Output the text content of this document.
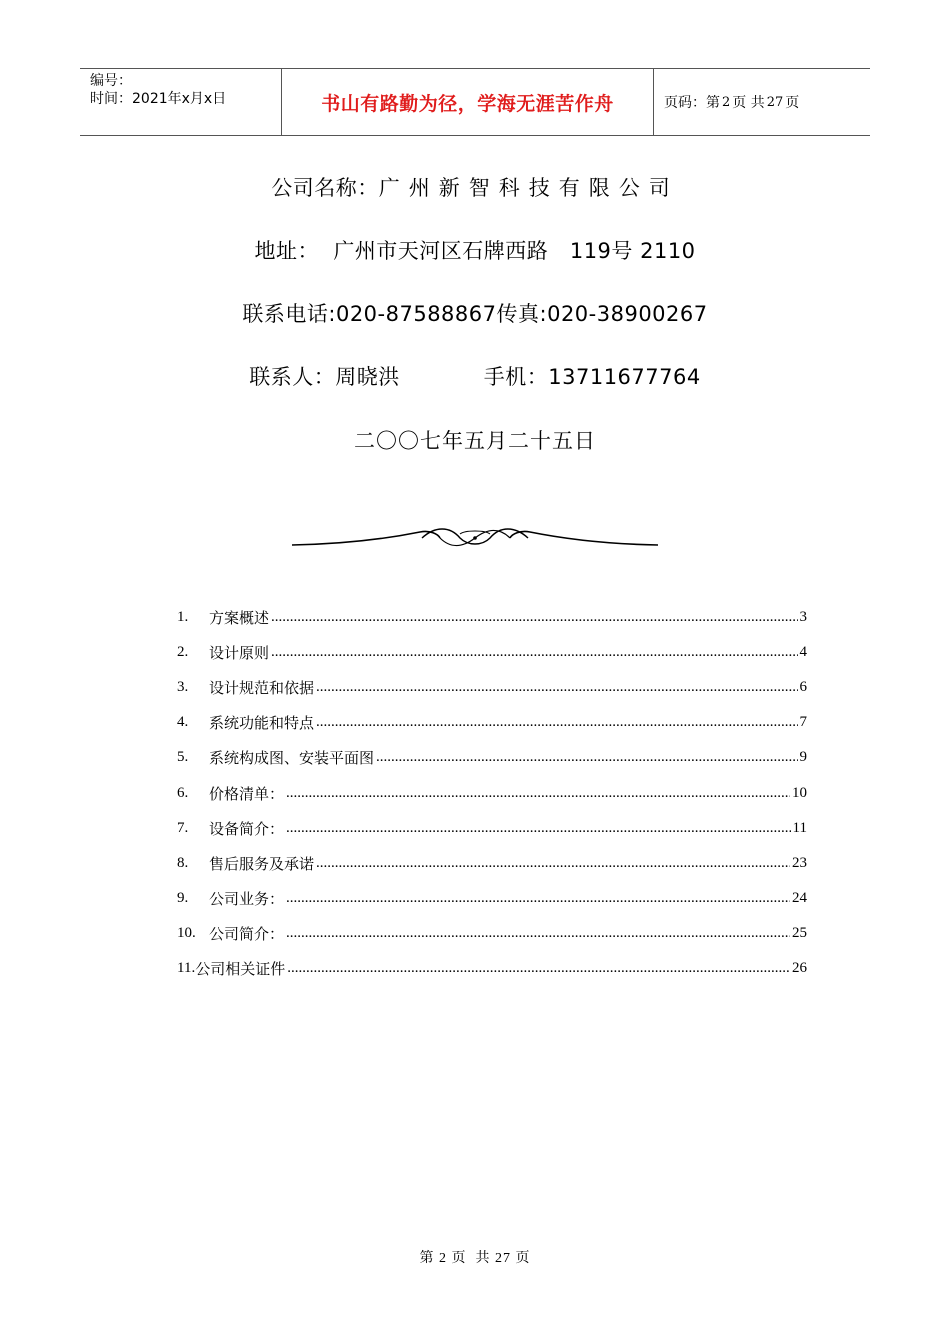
编号：
时间：2021年x月x日	书山有路勤为径，学海无涯苦作舟	页码：第 2 页 共 27 页
公司名称：广州新智科技有限公司
地址： 广州市天河区石牌西路   119号 2110
联系电话:020-87588867传真:020-38900267
联系人：周晓洪	手机：13711677764
二〇〇七年五月二十五日
1.	方案概述 .....	3
2.	设计原则 .....	4
3.	设计规范和依据 .....	6
4.	系统功能和特点 .....	7
5.	系统构成图、安装平面图 .....	9
6.	价格清单： .....	10
7.	设备简介： .....	11
8.	售后服务及承诺 .....	23
9.	公司业务： .....	24
10. 公司简介： .....	25
11. 公司相关证件 .....	26
第 2 页  共 27 页
